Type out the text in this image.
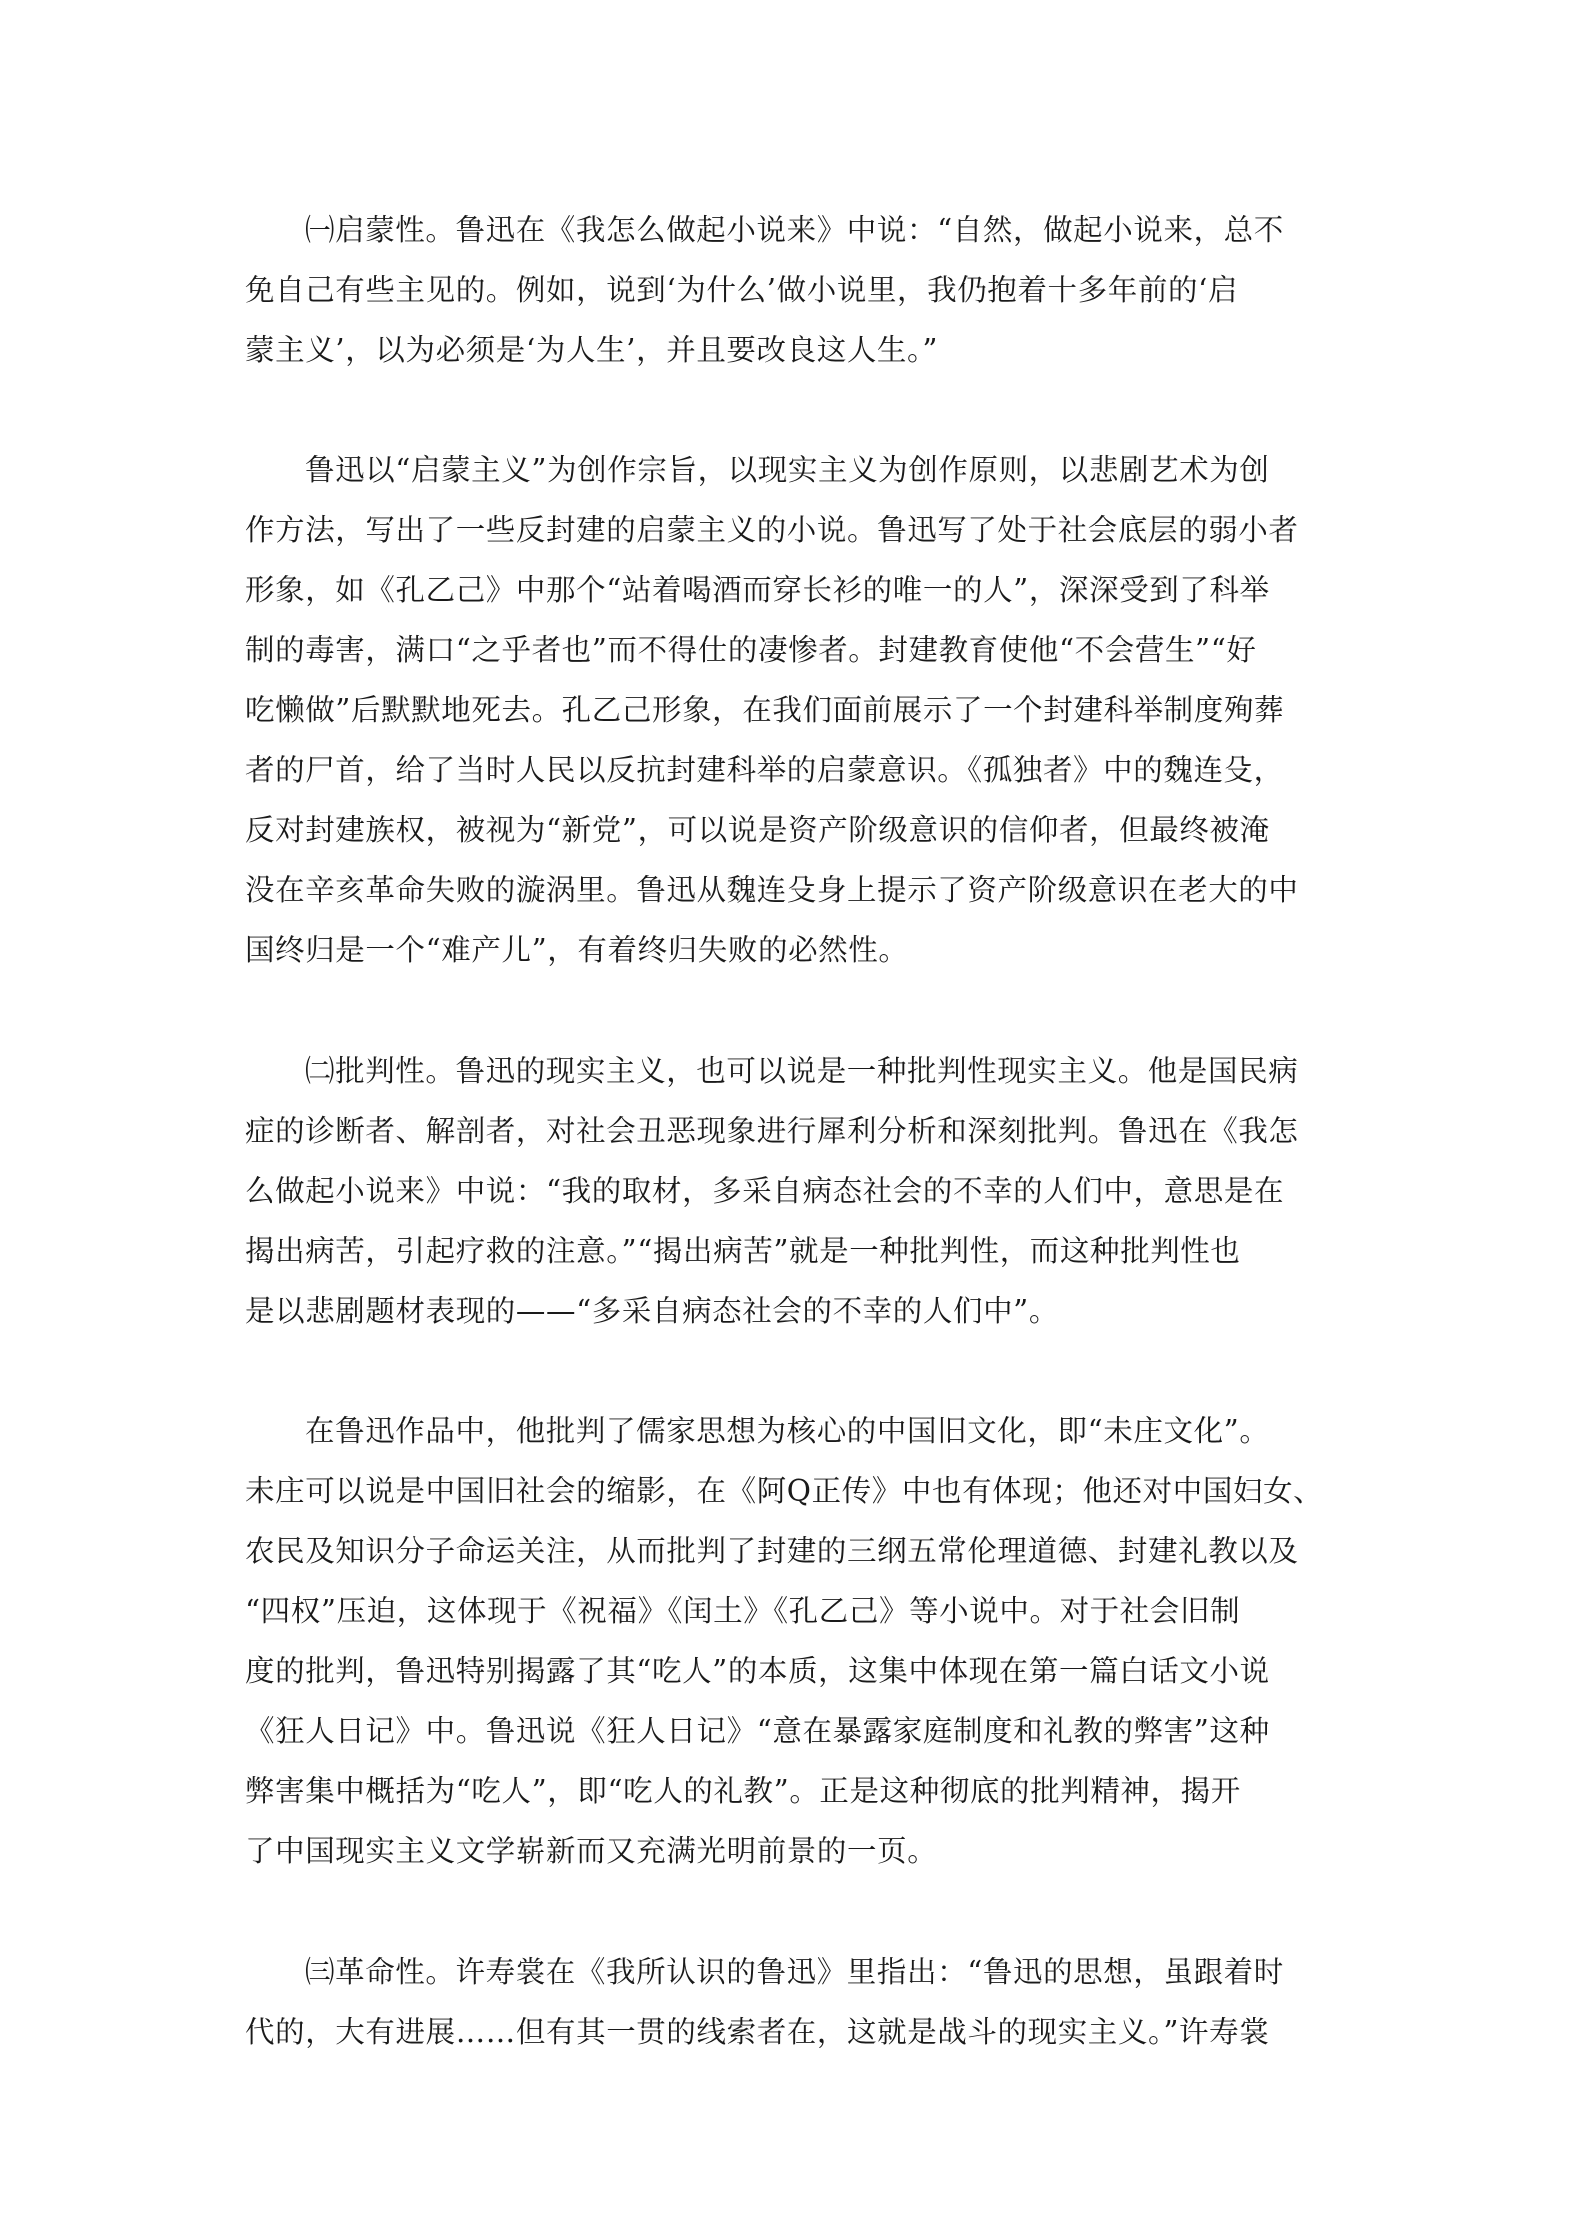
㈠启蒙性。鲁迅在《我怎么做起小说来》中说：“自然，做起小说来，总不
免自己有些主见的。例如，说到‘为什么’做小说里，我仍抱着十多年前的‘启
蒙主义’，以为必须是‘为人生’，并且要改良这人生。”

鲁迅以“启蒙主义”为创作宗旨，以现实主义为创作原则，以悲剧艺术为创
作方法，写出了一些反封建的启蒙主义的小说。鲁迅写了处于社会底层的弱小者
形象，如《孔乙己》中那个“站着喝酒而穿长衫的唯一的人”，深深受到了科举
制的毒害，满口“之乎者也”而不得仕的凄惨者。封建教育使他“不会营生”“好
吃懒做”后默默地死去。孔乙己形象，在我们面前展示了一个封建科举制度殉葬
者的尸首，给了当时人民以反抗封建科举的启蒙意识。《孤独者》中的魏连殳，
反对封建族权，被视为“新党”，可以说是资产阶级意识的信仰者，但最终被淹
没在辛亥革命失败的漩涡里。鲁迅从魏连殳身上提示了资产阶级意识在老大的中
国终归是一个“难产儿”，有着终归失败的必然性。

㈡批判性。鲁迅的现实主义，也可以说是一种批判性现实主义。他是国民病
症的诊断者、解剖者，对社会丑恶现象进行犀利分析和深刻批判。鲁迅在《我怎
么做起小说来》中说：“我的取材，多采自病态社会的不幸的人们中，意思是在
揭出病苦，引起疗救的注意。”“揭出病苦”就是一种批判性，而这种批判性也
是以悲剧题材表现的——“多采自病态社会的不幸的人们中”。

在鲁迅作品中，他批判了儒家思想为核心的中国旧文化，即“未庄文化”。
未庄可以说是中国旧社会的缩影，在《阿Q正传》中也有体现；他还对中国妇女、
农民及知识分子命运关注，从而批判了封建的三纲五常伦理道德、封建礼教以及
“四权”压迫，这体现于《祝福》《闰土》《孔乙己》等小说中。对于社会旧制
度的批判，鲁迅特别揭露了其“吃人”的本质，这集中体现在第一篇白话文小说
《狂人日记》中。鲁迅说《狂人日记》“意在暴露家庭制度和礼教的弊害”这种
弊害集中概括为“吃人”，即“吃人的礼教”。正是这种彻底的批判精神，揭开
了中国现实主义文学崭新而又充满光明前景的一页。

㈢革命性。许寿裳在《我所认识的鲁迅》里指出：“鲁迅的思想，虽跟着时
代的，大有进展……但有其一贯的线索者在，这就是战斗的现实主义。”许寿裳
